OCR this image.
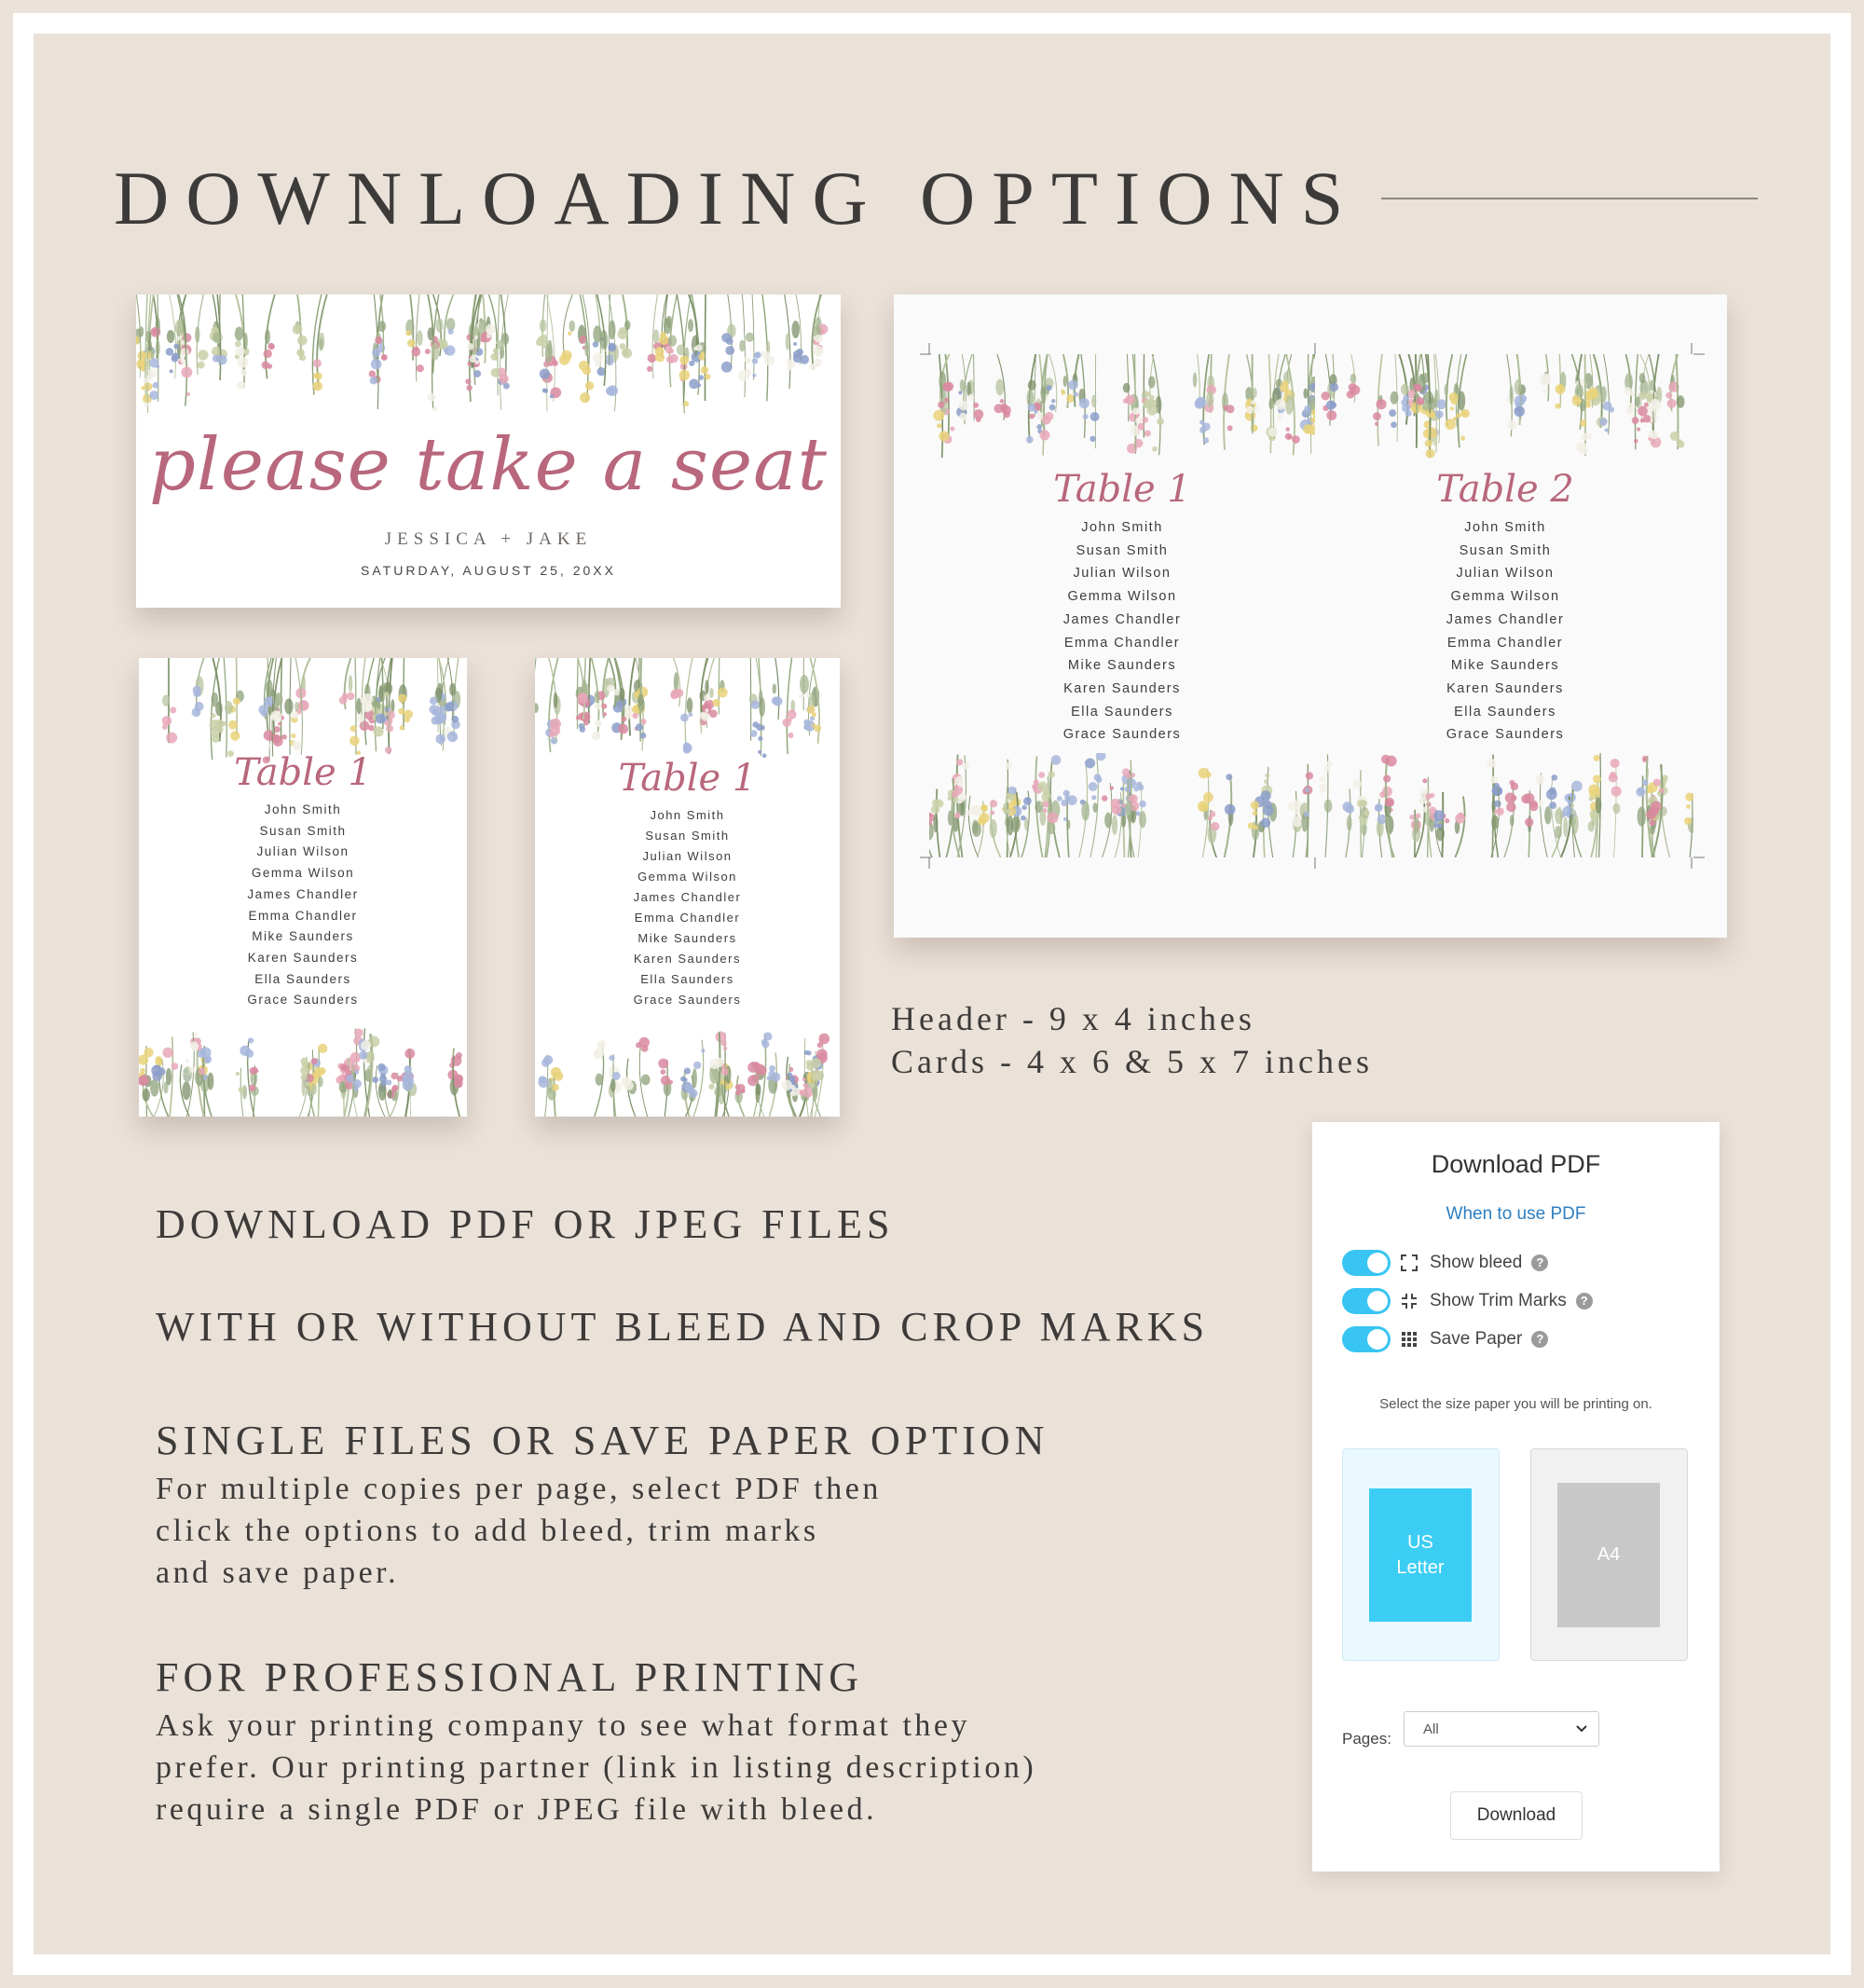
DOWNLOADING OPTIONS
please take a seat
JESSICA + JAKE
SATURDAY, AUGUST 25, 20XX
Table 1
John Smith
Susan Smith
Julian Wilson
Gemma Wilson
James Chandler
Emma Chandler
Mike Saunders
Karen Saunders
Ella Saunders
Grace Saunders
Table 1
John Smith
Susan Smith
Julian Wilson
Gemma Wilson
James Chandler
Emma Chandler
Mike Saunders
Karen Saunders
Ella Saunders
Grace Saunders
Table 1
John Smith
Susan Smith
Julian Wilson
Gemma Wilson
James Chandler
Emma Chandler
Mike Saunders
Karen Saunders
Ella Saunders
Grace Saunders
Table 2
John Smith
Susan Smith
Julian Wilson
Gemma Wilson
James Chandler
Emma Chandler
Mike Saunders
Karen Saunders
Ella Saunders
Grace Saunders
Header - 9 x 4 inches
Cards - 4 x 6 & 5 x 7 inches
DOWNLOAD PDF OR JPEG FILES
WITH OR WITHOUT BLEED AND CROP MARKS
SINGLE FILES OR SAVE PAPER OPTION
For multiple copies per page, select PDF then
click the options to add bleed, trim marks
and save paper.
FOR PROFESSIONAL PRINTING
Ask your printing company to see what format they
prefer. Our printing partner (link in listing description)
require a single PDF or JPEG file with bleed.
Download PDF
When to use PDF
Show bleed	?
Show Trim Marks	?
Save Paper	?
Select the size paper you will be printing on.
US
Letter
A4
Pages:
All
Download
